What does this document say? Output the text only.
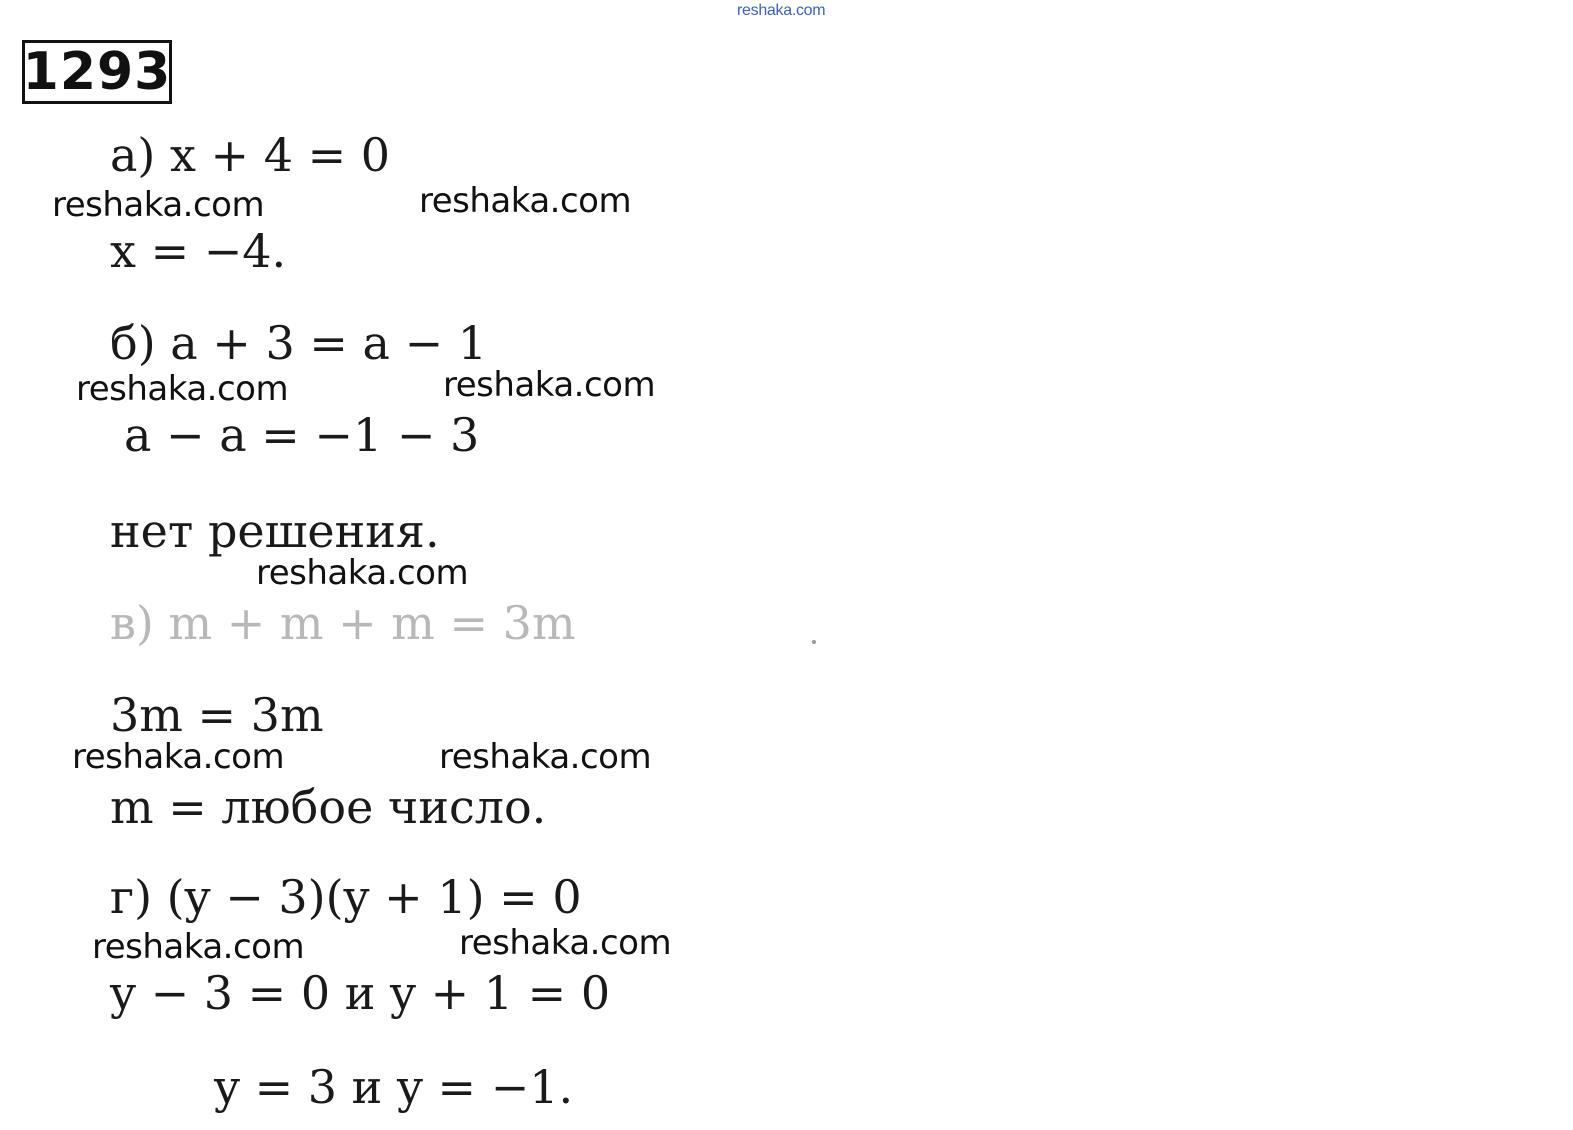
reshaka.com
1293
а) x + 4 = 0
reshaka.com	reshaka.com
x = −4.
б) a + 3 = a − 1
reshaka.com	reshaka.com
a − a = −1 − 3
нет решения.
reshaka.com
в) m + m + m = 3m
3m = 3m
reshaka.com	reshaka.com
m = любое число.
г) (y − 3)(y + 1) = 0
reshaka.com	reshaka.com
y − 3 = 0 и y + 1 = 0
y = 3 и y = −1.
